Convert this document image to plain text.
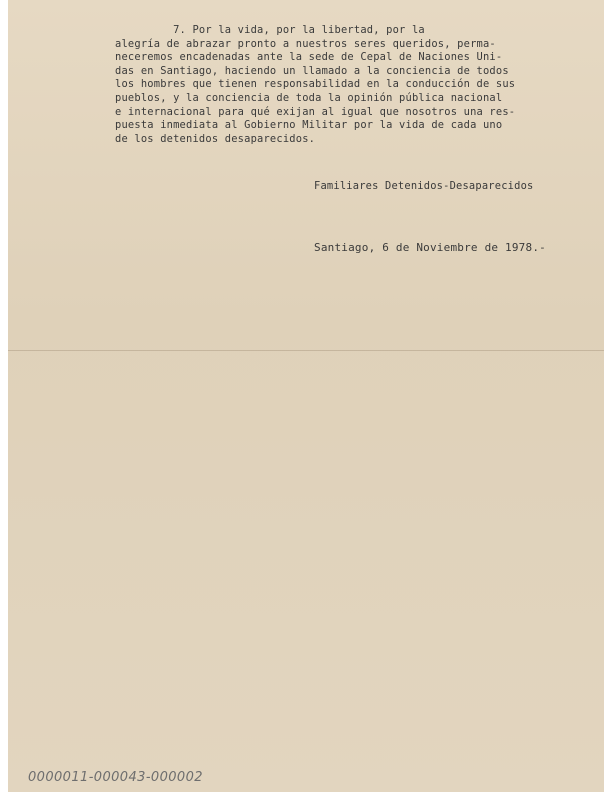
7. Por la vida, por la libertad, por la
alegría de abrazar pronto a nuestros seres queridos, perma-
neceremos encadenadas ante la sede de Cepal de Naciones Uni-
das en Santiago, haciendo un llamado a la conciencia de todos
los hombres que tienen responsabilidad en la conducción de sus
pueblos, y la conciencia de toda la opinión pública nacional
e internacional para qué exijan al igual que nosotros una res-
puesta inmediata al Gobierno Militar por la vida de cada uno
de los detenidos desaparecidos.
Familiares Detenidos-Desaparecidos
Santiago, 6 de Noviembre de 1978.-
0000011-000043-000002
